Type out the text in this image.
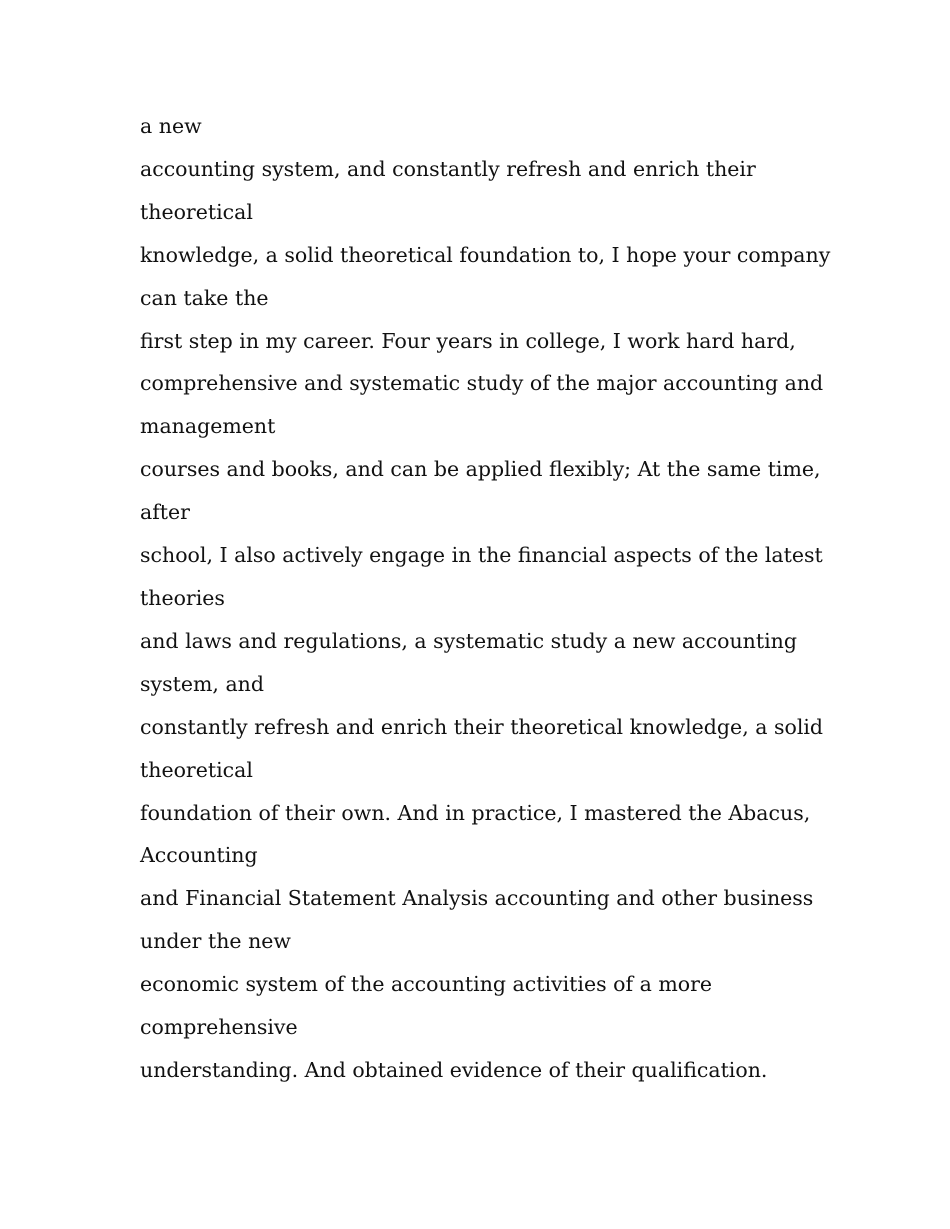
a new
accounting system, and constantly refresh and enrich their
theoretical
knowledge, a solid theoretical foundation to, I hope your company
can take the
first step in my career. Four years in college, I work hard hard,
comprehensive and systematic study of the major accounting and
management
courses and books, and can be applied flexibly; At the same time,
after
school, I also actively engage in the financial aspects of the latest
theories
and laws and regulations, a systematic study a new accounting
system, and
constantly refresh and enrich their theoretical knowledge, a solid
theoretical
foundation of their own. And in practice, I mastered the Abacus,
Accounting
and Financial Statement Analysis accounting and other business
under the new
economic system of the accounting activities of a more
comprehensive
understanding. And obtained evidence of their qualification.
